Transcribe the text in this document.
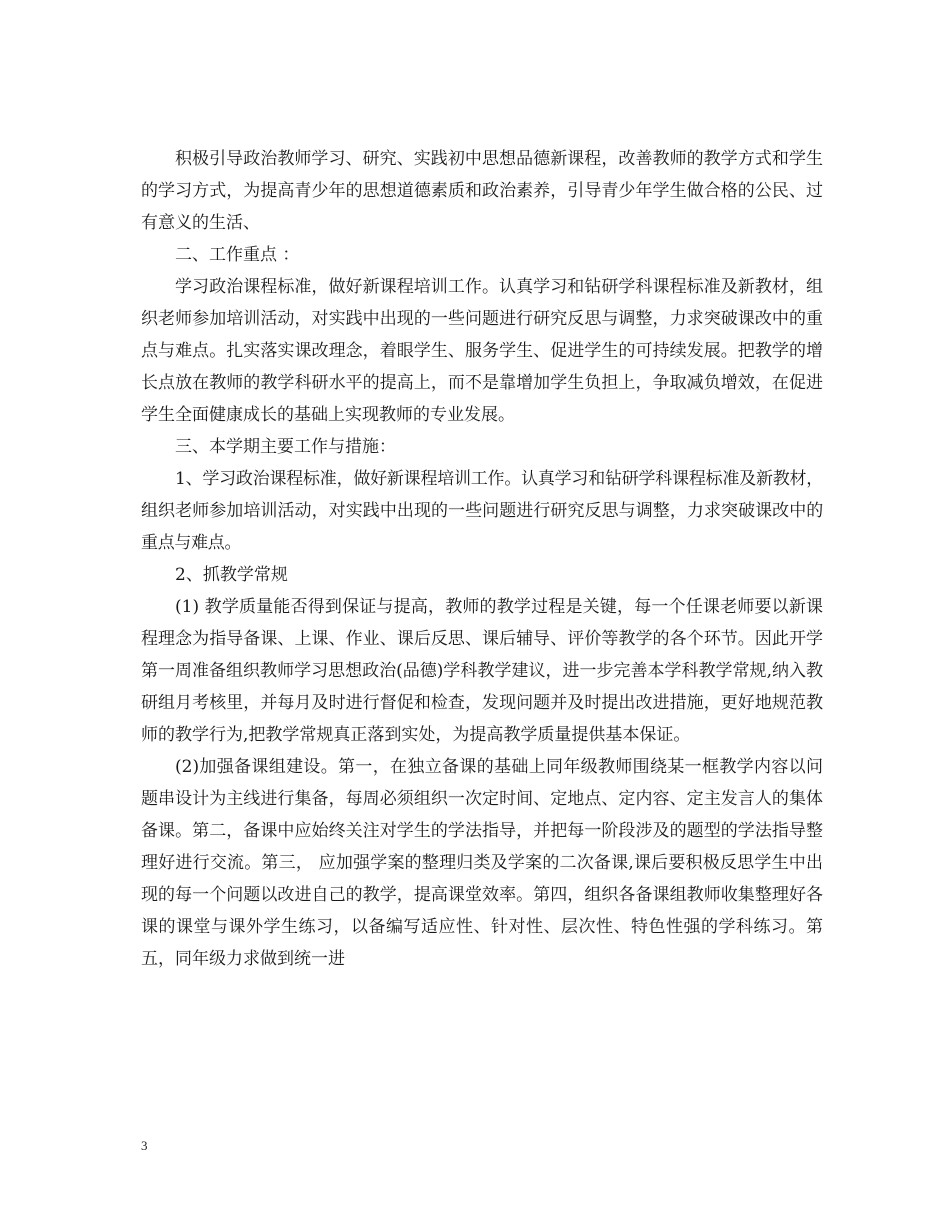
积极引导政治教师学习、研究、实践初中思想品德新课程，改善教师的教学方式和学生的学习方式，为提高青少年的思想道德素质和政治素养，引导青少年学生做合格的公民、过有意义的生活、

二、工作重点 ：

学习政治课程标准，做好新课程培训工作。认真学习和钻研学科课程标准及新教材，组织老师参加培训活动，对实践中出现的一些问题进行研究反思与调整，力求突破课改中的重点与难点。扎实落实课改理念，着眼学生、服务学生、促进学生的可持续发展。把教学的增长点放在教师的教学科研水平的提高上，而不是靠增加学生负担上，争取减负增效，在促进学生全面健康成长的基础上实现教师的专业发展。

三、本学期主要工作与措施：

1、学习政治课程标准，做好新课程培训工作。认真学习和钻研学科课程标准及新教材，组织老师参加培训活动，对实践中出现的一些问题进行研究反思与调整，力求突破课改中的重点与难点。

2、抓教学常规

(1) 教学质量能否得到保证与提高，教师的教学过程是关键，每一个任课老师要以新课程理念为指导备课、上课、作业、课后反思、课后辅导、评价等教学的各个环节。因此开学第一周准备组织教师学习思想政治(品德)学科教学建议，进一步完善本学科教学常规,纳入教研组月考核里，并每月及时进行督促和检查，发现问题并及时提出改进措施，更好地规范教师的教学行为,把教学常规真正落到实处，为提高教学质量提供基本保证。

(2)加强备课组建设。第一，在独立备课的基础上同年级教师围绕某一框教学内容以问题串设计为主线进行集备，每周必须组织一次定时间、定地点、定内容、定主发言人的集体备课。第二，备课中应始终关注对学生的学法指导，并把每一阶段涉及的题型的学法指导整理好进行交流。第三， 应加强学案的整理归类及学案的二次备课,课后要积极反思学生中出现的每一个问题以改进自己的教学，提高课堂效率。第四，组织各备课组教师收集整理好各课的课堂与课外学生练习，以备编写适应性、针对性、层次性、特色性强的学科练习。第五，同年级力求做到统一进

3
